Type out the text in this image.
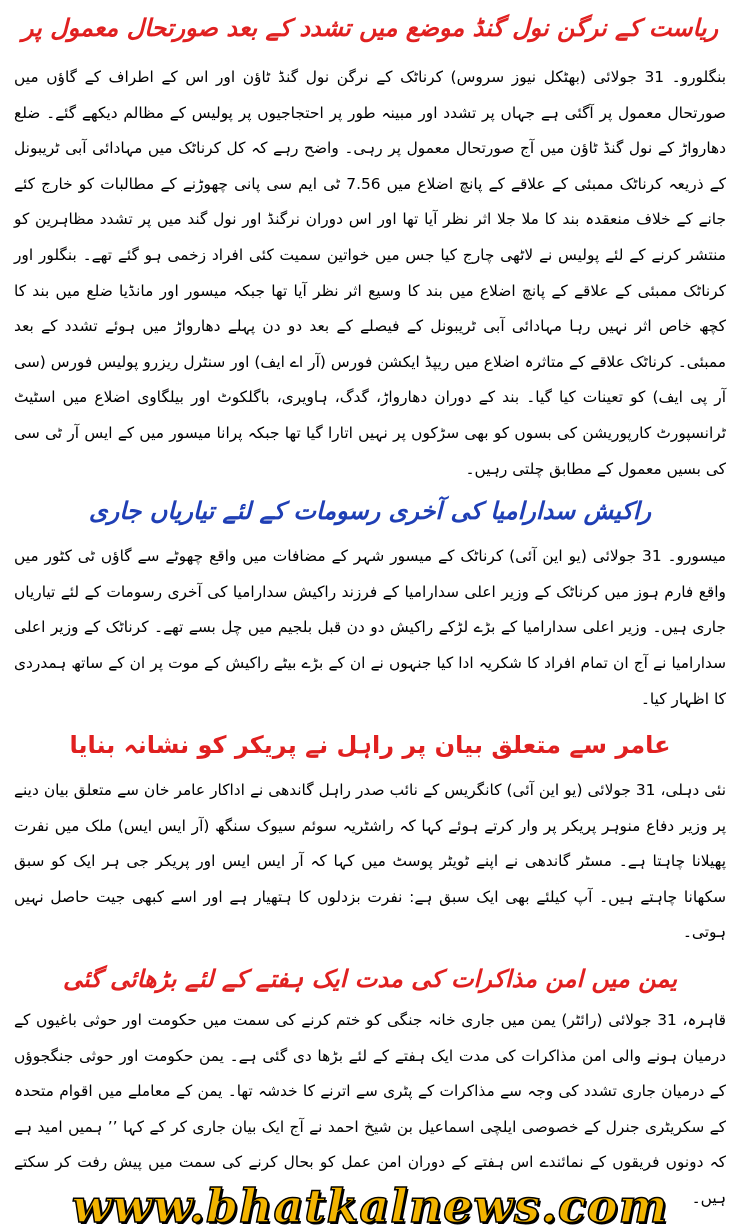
ریاست کے نرگن نول گنڈ موضع میں تشدد کے بعد صورتحال معمول پر

بنگلورو۔ 31 جولائی (بھٹکل نیوز سروس) کرناٹک کے نرگن نول گنڈ ٹاؤن اور اس کے اطراف کے گاؤں میں صورتحال معمول پر آگئی ہے جہاں پر تشدد اور مبینہ طور پر احتجاجیوں پر پولیس کے مظالم دیکھے گئے۔ ضلع دھارواڑ کے نول گنڈ ٹاؤن میں آج صورتحال معمول پر رہی۔ واضح رہے کہ کل کرناٹک میں مہادائی آبی ٹریبونل کے ذریعہ کرناٹک ممبئی کے علاقے کے پانچ اضلاع میں 7.56 ٹی ایم سی پانی چھوڑنے کے مطالبات کو خارج کئے جانے کے خلاف منعقدہ بند کا ملا جلا اثر نظر آیا تھا اور اس دوران نرگنڈ اور نول گند میں پر تشدد مظاہرین کو منتشر کرنے کے لئے پولیس نے لاٹھی چارج کیا جس میں خواتین سمیت کئی افراد زخمی ہو گئے تھے۔ بنگلور اور کرناٹک ممبئی کے علاقے کے پانچ اضلاع میں بند کا وسیع اثر نظر آیا تھا جبکہ میسور اور مانڈیا ضلع میں بند کا کچھ خاص اثر نہیں رہا مہادائی آبی ٹریبونل کے فیصلے کے بعد دو دن پہلے دھارواڑ میں ہوئے تشدد کے بعد ممبئی۔ کرناٹک علاقے کے متاثرہ اضلاع میں ریپڈ ایکشن فورس (آر اے ایف) اور سنٹرل ریزرو پولیس فورس (سی آر پی ایف) کو تعینات کیا گیا۔ بند کے دوران دھارواڑ، گدگ، ہاویری، باگلکوٹ اور بیلگاوی اضلاع میں اسٹیٹ ٹرانسپورٹ کارپوریشن کی بسوں کو بھی سڑکوں پر نہیں اتارا گیا تھا جبکہ پرانا میسور میں کے ایس آر ٹی سی کی بسیں معمول کے مطابق چلتی رہیں۔

راکیش سدارامیا کی آخری رسومات کے لئے تیاریاں جاری

میسورو۔ 31 جولائی (یو این آئی) کرناٹک کے میسور شہر کے مضافات میں واقع چھوٹے سے گاؤں ٹی کٹور میں واقع فارم ہوز میں کرناٹک کے وزیر اعلی سدارامیا کے فرزند راکیش سدارامیا کی آخری رسومات کے لئے تیاریاں جاری ہیں۔ وزیر اعلی سدارامیا کے بڑے لڑکے راکیش دو دن قبل بلجیم میں چل بسے تھے۔ کرناٹک کے وزیر اعلی سدارامیا نے آج ان تمام افراد کا شکریہ ادا کیا جنہوں نے ان کے بڑے بیٹے راکیش کے موت پر ان کے ساتھ ہمدردی کا اظہار کیا۔

عامر سے متعلق بیان پر راہل نے پریکر کو نشانہ بنایا

نئی دہلی، 31 جولائی (یو این آئی) کانگریس کے نائب صدر راہل گاندھی نے اداکار عامر خان سے متعلق بیان دینے پر وزیر دفاع منوہر پریکر پر وار کرتے ہوئے کہا کہ راشٹریہ سوئم سیوک سنگھ (آر ایس ایس) ملک میں نفرت پھیلانا چاہتا ہے۔ مسٹر گاندھی نے اپنے ٹویٹر پوسٹ میں کہا کہ آر ایس ایس اور پریکر جی ہر ایک کو سبق سکھانا چاہتے ہیں۔ آپ کیلئے بھی ایک سبق ہے: نفرت بزدلوں کا ہتھیار ہے اور اسے کبھی جیت حاصل نہیں ہوتی۔

یمن میں امن مذاکرات کی مدت ایک ہفتے کے لئے بڑھائی گئی

قاہرہ، 31 جولائی (رائٹر) یمن میں جاری خانہ جنگی کو ختم کرنے کی سمت میں حکومت اور حوثی باغیوں کے درمیان ہونے والی امن مذاکرات کی مدت ایک ہفتے کے لئے بڑھا دی گئی ہے۔ یمن حکومت اور حوثی جنگجوؤں کے درمیان جاری تشدد کی وجہ سے مذاکرات کے پٹری سے اترنے کا خدشہ تھا۔ یمن کے معاملے میں اقوام متحدہ کے سکریٹری جنرل کے خصوصی ایلچی اسماعیل بن شیخ احمد نے آج ایک بیان جاری کر کے کہا ’’ ہمیں امید ہے کہ دونوں فریقوں کے نمائندے اس ہفتے کے دوران امن عمل کو بحال کرنے کی سمت میں پیش رفت کر سکتے ہیں۔

www.bhatkalnews.com
